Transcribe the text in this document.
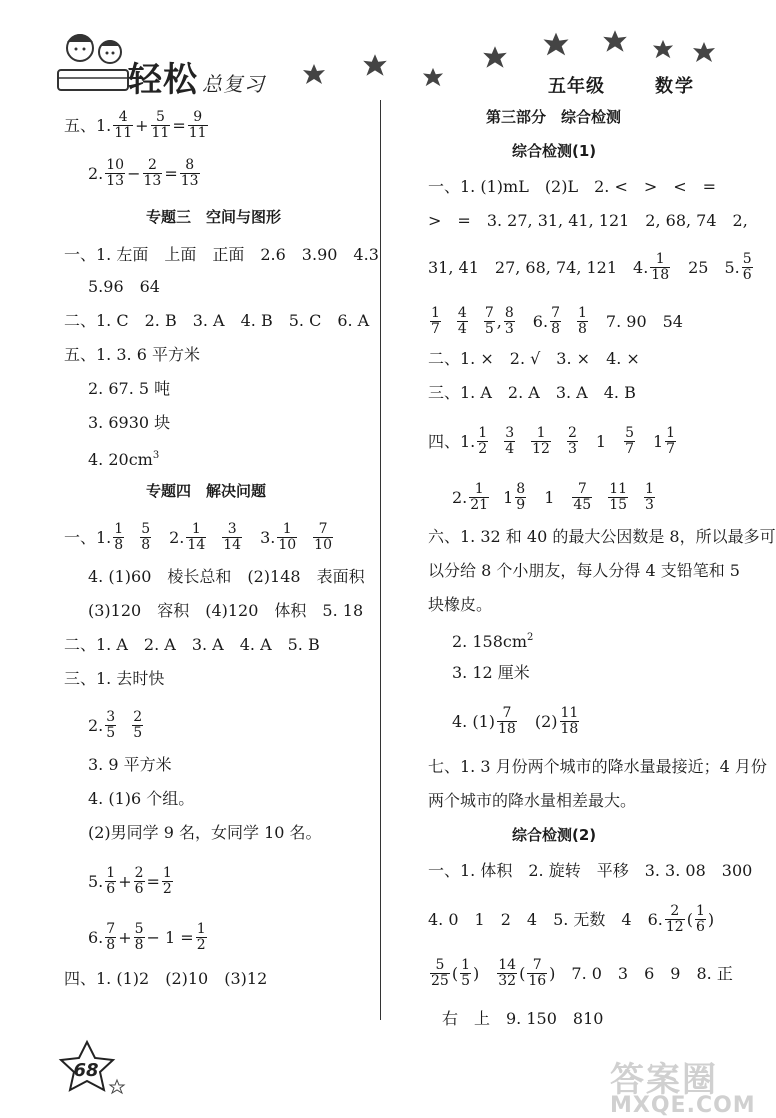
轻松 总复习	五年级	数学
五、1. $\frac{4}{11} + \frac{5}{11} = \frac{9}{11}$
2. $\frac{10}{13} - \frac{2}{13} = \frac{8}{13}$
专题三　空间与图形
一、1. 左面　上面　正面　2.6　3.90　4.3
5.96　64
二、1. C　2. B　3. A　4. B　5. C　6. A
五、1. 3. 6 平方米
2. 67. 5 吨
3. 6930 块
4. $20cm^3$
专题四　解决问题
一、1. $\frac{1}{8} \frac{5}{8}$ 　2. $\frac{1}{14} \frac{3}{14}$ 　3. $\frac{1}{10} \frac{7}{10}$
4. (1)60　棱长总和　(2)148　表面积
(3)120　容积　(4)120　体积　5. 18
二、1. A　2. A　3. A　4. A　5. B
三、1. 去时快
2. $\frac{3}{5} \frac{2}{5}$
3. 9 平方米
4. (1)6 个组。
(2)男同学 9 名，女同学 10 名。
5. $\frac{1}{6} + \frac{2}{6} = \frac{1}{2}$
6. $\frac{7}{8} + \frac{5}{8} - 1 = \frac{1}{2}$
四、1. (1)2　(2)10　(3)12
第三部分　综合检测
综合检测(1)
一、1. (1)mL　(2)L　2. <　>　<　=
>　=　3. 27, 31, 41, 121　2, 68, 74　2,
31, 41　27, 68, 74, 121　4. $\frac{1}{18}$ 　25　5. $\frac{5}{6}$
$\frac{1}{7} \frac{4}{4} \frac{7}{5}$ , $\frac{8}{3}$ 　6. $\frac{7}{8} \frac{1}{8}$ 　7. 90　54
二、1. ×　2. √　3. ×　4. ×
三、1. A　2. A　3. A　4. B
四、1. $\frac{1}{2} \frac{3}{4} \frac{1}{12} \frac{2}{3}$ 　1　 $\frac{5}{7}$ 　$1 \frac{1}{7}$
2. $\frac{1}{21} 1 \frac{8}{9}$ 　1　 $\frac{7}{45} \frac{11}{15} \frac{1}{3}$
六、1. 32 和 40 的最大公因数是 8，所以最多可
以分给 8 个小朋友，每人分得 4 支铅笔和 5
块橡皮。
2. $158cm^2$
3. 12 厘米
4. $(1) \frac{7}{18}$ 　$(2) \frac{11}{18}$
七、1. 3 月份两个城市的降水量最接近；4 月份
两个城市的降水量相差最大。
综合检测(2)
一、1. 体积　2. 旋转　平移　3. 3. 08　300
4. 0　1　2　4　5. 无数　4　6. $\frac{2}{12}$ ( $\frac{1}{6}$ )
$\frac{5}{25}$ ( $\frac{1}{5}$ )　 $\frac{14}{32}$ ( $\frac{7}{16}$ )　7. 0　3　6　9　8. 正
右　上　9. 150　810
68	答案圈
MXQE.COM
